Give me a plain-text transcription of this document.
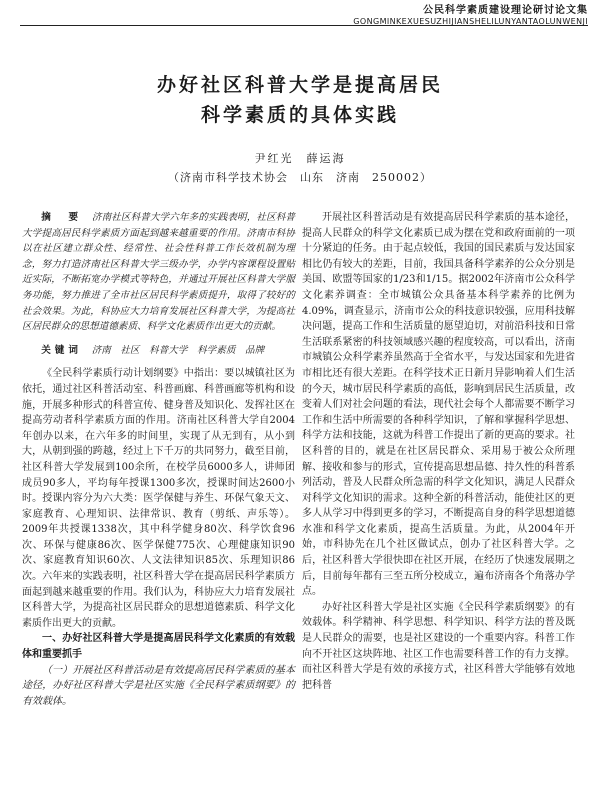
公民科学素质建设理论研讨论文集
GONGMINKEXUESUZHIJIANSHELILUNYANTAOLUNWENJI
办好社区科普大学是提高居民
科学素质的具体实践
尹红光　薛运海
（济南市科学技术协会　山东　济南　250002）

摘　要　 济南社区科普大学六年多的实践表明，社区科普大学提高居民科学素质方面起到越来越重要的作用。济南市科协以在社区建立群众性、经常性、社会性科普工作长效机制为理念，努力打造济南社区科普大学三级办学，办学内容课程设置贴近实际，不断拓宽办学模式等特色，并通过开展社区科普大学服务功能，努力推进了全市社区居民科学素质提升，取得了较好的社会效果。为此，科协应大力培育发展社区科普大学，为提高社区居民群众的思想道德素质、科学文化素质作出更大的贡献。

关键词　 济南　社区　科普大学　科学素质　品牌

《全民科学素质行动计划纲要》中指出：要以城镇社区为依托，通过社区科普活动室、科普画廊、科普画廊等机构和设施，开展多种形式的科普宣传、健身普及知识化、发挥社区在提高劳动者科学素质方面的作用。济南社区科普大学自2004年创办以来，在六年多的时间里，实现了从无到有，从小到大，从朝到强的跨越，经过上下千万的共同努力，截至目前，社区科普大学发展到100余所，在校学员6000多人，讲师团成员90多人，平均每年授课1300多次，授课时间达2600小时。授课内容分为六大类：医学保健与养生、环保气象天文、家庭教育、心理知识、法律常识、教育（剪纸、声乐等）。2009年共授课1338次，其中科学健身80次、科学饮食96次、环保与健康86次、医学保健775次、心理健康知识90次、家庭教育知识60次、人文法律知识85次、乐理知识86次。六年来的实践表明，社区科普大学在提高居民科学素质方面起到越来越重要的作用。我们认为，科协应大力培育发展社区科普大学，为提高社区居民群众的思想道德素质、科学文化素质作出更大的贡献。

一、办好社区科普大学是提高居民科学文化素质的有效载体和重要抓手

（一）开展社区科普活动是有效提高居民科学素质的基本途径，办好社区科普大学是社区实施《全民科学素质纲要》的有效载体。

开展社区科普活动是有效提高居民科学素质的基本途径，提高人民群众的科学文化素质已成为摆在党和政府面前的一项十分紧迫的任务。由于起点较低，我国的国民素质与发达国家相比仍有较大的差距，目前，我国具备科学素养的公众分别是美国、欧盟等国家的1/23和1/15。据2002年济南市公众科学文化素养调查：全市城镇公众具备基本科学素养的比例为4.09%，调查显示，济南市公众的科技意识较强，应用科技解决问题，提高工作和生活质量的愿望迫切，对前沿科技和日常生活联系紧密的科技领域感兴趣的程度较高，可以看出，济南市城镇公众科学素养虽然高于全省水平，与发达国家和先进省市相比还有很大差距。在科学技术正日新月异影响着人们生活的今天，城市居民科学素质的高低，影响到居民生活质量，改变着人们对社会问题的看法，现代社会每个人都需要不断学习工作和生活中所需要的各种科学知识，了解和掌握科学思想、科学方法和技能，这就为科普工作提出了新的更高的要求。社区科普的目的，就是在社区居民群众、采用易于被公众所理解、接收和参与的形式，宣传提高思想品德、持久性的科普系列活动，普及人民群众所急需的科学文化知识，满足人民群众对科学文化知识的需求。这种全新的科普活动，能使社区的更多人从学习中得到更多的学习，不断提高自身的科学思想道德水准和科学文化素质，提高生活质量。为此，从2004年开始，市科协先在几个社区做试点，创办了社区科普大学。之后，社区科普大学很快即在社区开展，在经历了快速发展期之后，目前每年都有三至五所分校成立，遍布济南各个角落办学点。

办好社区科普大学是社区实施《全民科学素质纲要》的有效载体。科学精神、科学思想、科学知识、科学方法的普及既是人民群众的需要，也是社区建设的一个重要内容。科普工作向不开社区这块阵地、社区工作也需要科普工作的有力支撑。而社区科普大学是有效的承接方式，社区科普大学能够有效地把科普
